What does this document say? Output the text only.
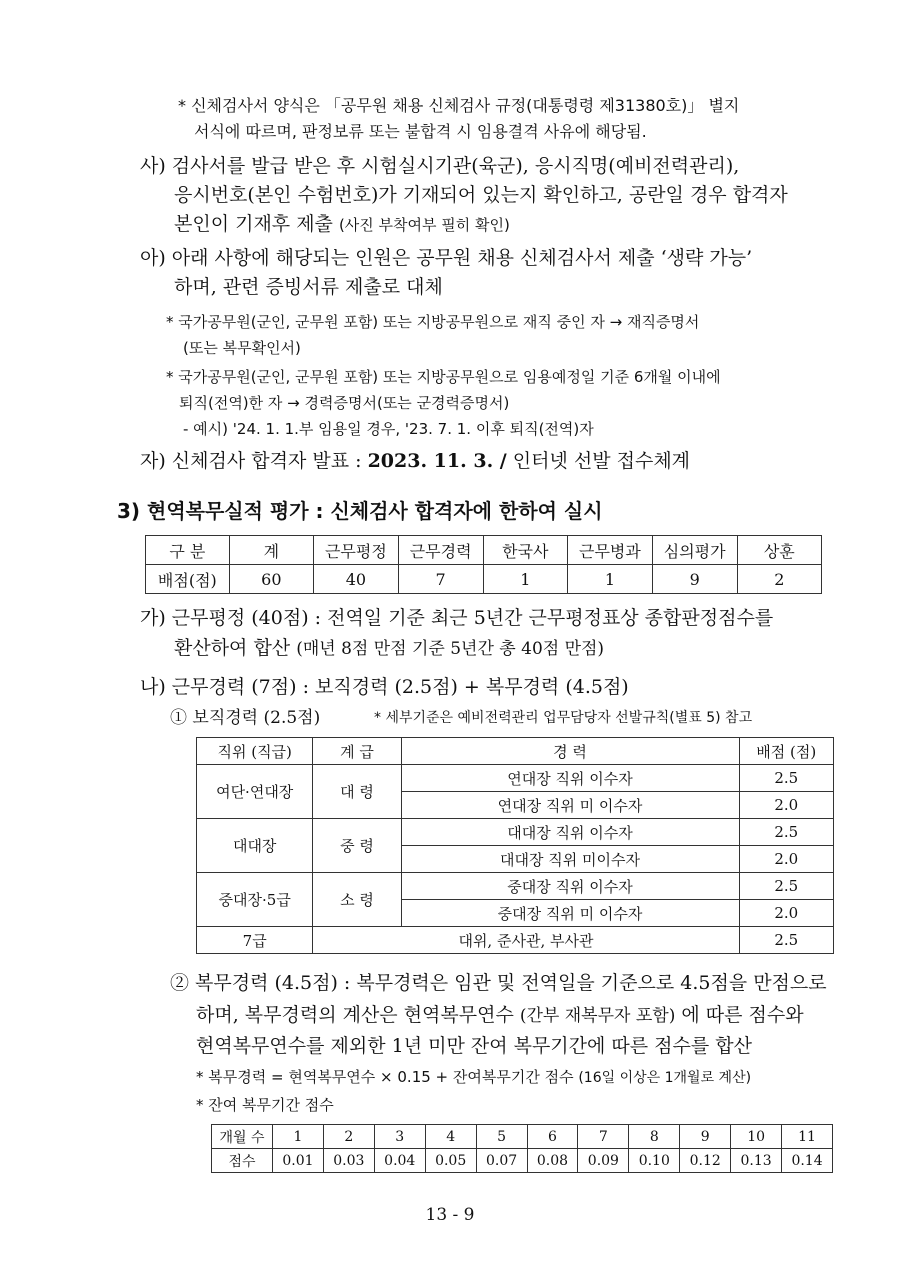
* 신체검사서 양식은 「공무원 채용 신체검사 규정(대통령령 제31380호)」 별지
서식에 따르며, 판정보류 또는 불합격 시 임용결격 사유에 해당됨.
사) 검사서를 발급 받은 후 시험실시기관(육군), 응시직명(예비전력관리),
응시번호(본인 수험번호)가 기재되어 있는지 확인하고, 공란일 경우 합격자
본인이 기재후 제출 (사진 부착여부 필히 확인)
아) 아래 사항에 해당되는 인원은 공무원 채용 신체검사서 제출 ‘생략 가능’
하며, 관련 증빙서류 제출로 대체
* 국가공무원(군인, 군무원 포함) 또는 지방공무원으로 재직 중인 자 → 재직증명서
(또는 복무확인서)
* 국가공무원(군인, 군무원 포함) 또는 지방공무원으로 임용예정일 기준 6개월 이내에
퇴직(전역)한 자 → 경력증명서(또는 군경력증명서)
- 예시) '24. 1. 1.부 임용일 경우, '23. 7. 1. 이후 퇴직(전역)자
자) 신체검사 합격자 발표 : 2023. 11. 3. / 인터넷 선발 접수체계
3) 현역복무실적 평가 : 신체검사 합격자에 한하여 실시
구 분	계	근무평정	근무경력	한국사	근무병과	심의평가	상훈
배점(점)	60	40	7	1	1	9	2
가) 근무평정 (40점) : 전역일 기준 최근 5년간 근무평정표상 종합판정점수를
환산하여 합산 (매년 8점 만점 기준 5년간 총 40점 만점)
나) 근무경력 (7점) : 보직경력 (2.5점) + 복무경력 (4.5점)
① 보직경력 (2.5점)	* 세부기준은 예비전력관리 업무담당자 선발규칙(별표 5) 참고
직위 (직급)	계 급	경 력	배점 (점)
여단·연대장	대 령	연대장 직위 이수자	2.5
		연대장 직위 미 이수자	2.0
대대장	중 령	대대장 직위 이수자	2.5
		대대장 직위 미이수자	2.0
중대장·5급	소 령	중대장 직위 이수자	2.5
		중대장 직위 미 이수자	2.0
7급	대위, 준사관, 부사관		2.5
② 복무경력 (4.5점) : 복무경력은 임관 및 전역일을 기준으로 4.5점을 만점으로
하며, 복무경력의 계산은 현역복무연수 (간부 재복무자 포함) 에 따른 점수와
현역복무연수를 제외한 1년 미만 잔여 복무기간에 따른 점수를 합산
* 복무경력 = 현역복무연수 × 0.15 + 잔여복무기간 점수 (16일 이상은 1개월로 계산)
* 잔여 복무기간 점수
개월 수	1	2	3	4	5	6	7	8	9	10	11
점수	0.01	0.03	0.04	0.05	0.07	0.08	0.09	0.10	0.12	0.13	0.14
13 - 9
